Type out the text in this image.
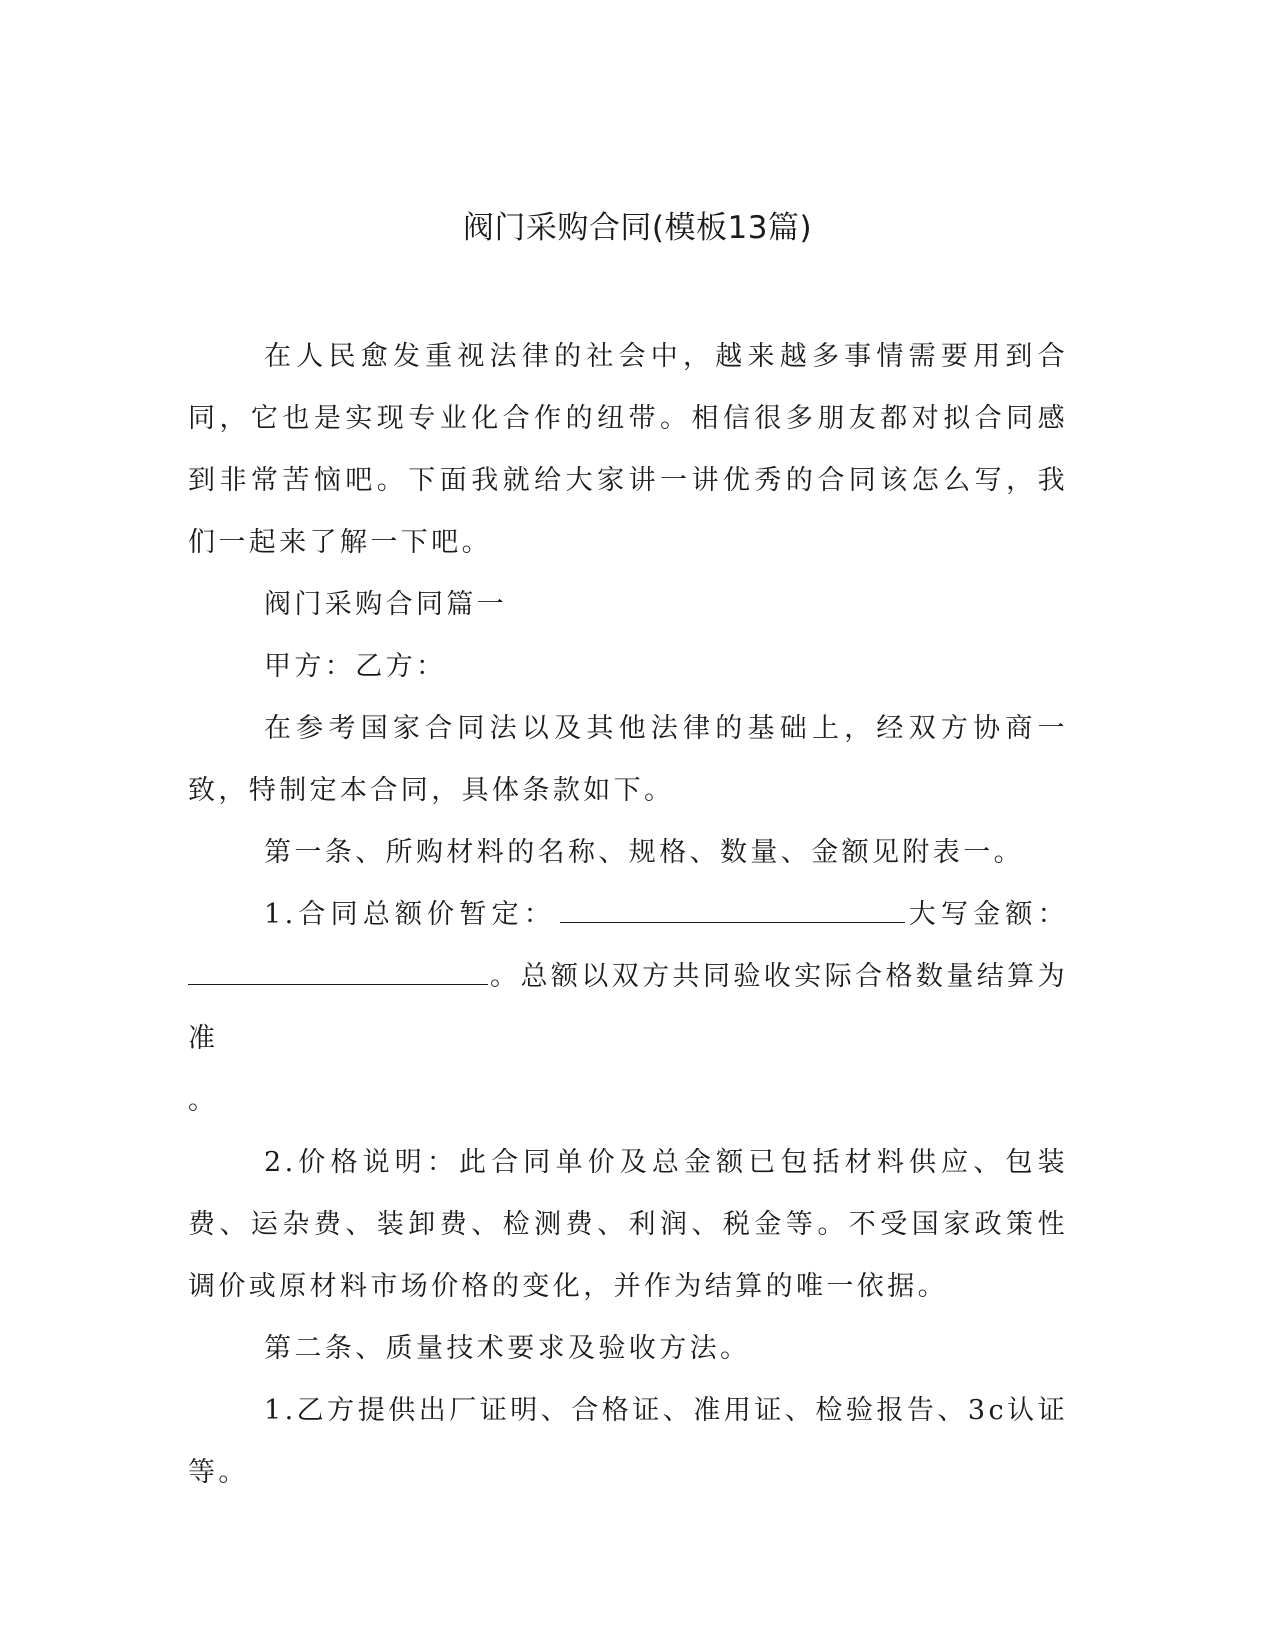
阀门采购合同(模板13篇)

在人民愈发重视法律的社会中，越来越多事情需要用到合同，它也是实现专业化合作的纽带。相信很多朋友都对拟合同感到非常苦恼吧。下面我就给大家讲一讲优秀的合同该怎么写，我们一起来了解一下吧。

阀门采购合同篇一

甲方：乙方：

在参考国家合同法以及其他法律的基础上，经双方协商一致，特制定本合同，具体条款如下。

第一条、所购材料的名称、规格、数量、金额见附表一。

1.合同总额价暂定：	大写金额：。总额以双方共同验收实际合格数量结算为准

。

2.价格说明：此合同单价及总金额已包括材料供应、包装费、运杂费、装卸费、检测费、利润、税金等。不受国家政策性调价或原材料市场价格的变化，并作为结算的唯一依据。

第二条、质量技术要求及验收方法。

1.乙方提供出厂证明、合格证、准用证、检验报告、3c认证等。
